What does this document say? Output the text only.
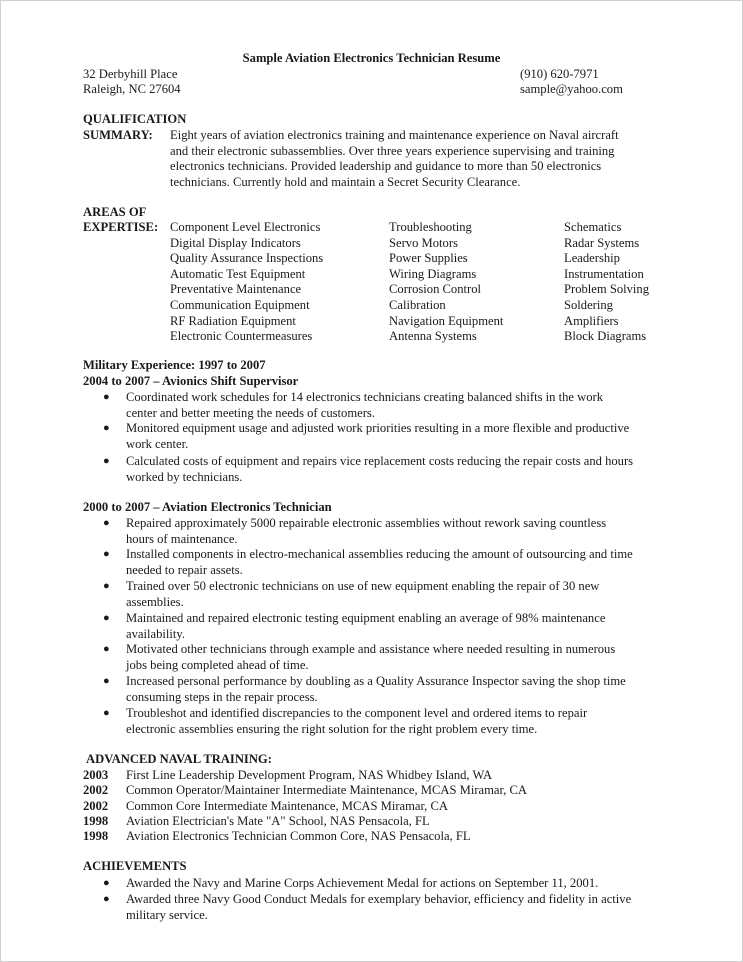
Sample Aviation Electronics Technician Resume
32 Derbyhill Place
Raleigh, NC 27604
(910) 620-7971
sample@yahoo.com
QUALIFICATION
SUMMARY: Eight years of aviation electronics training and maintenance experience on Naval aircraft
and their electronic subassemblies. Over three years experience supervising and training
electronics technicians. Provided leadership and guidance to more than 50 electronics
technicians. Currently hold and maintain a Secret Security Clearance.
AREAS OF
EXPERTISE: Component Level Electronics
Digital Display Indicators
Quality Assurance Inspections
Automatic Test Equipment
Preventative Maintenance
Communication Equipment
RF Radiation Equipment
Electronic Countermeasures
Troubleshooting
Servo Motors
Power Supplies
Wiring Diagrams
Corrosion Control
Calibration
Navigation Equipment
Antenna Systems
Schematics
Radar Systems
Leadership
Instrumentation
Problem Solving
Soldering
Amplifiers
Block Diagrams
Military Experience: 1997 to 2007
2004 to 2007 – Avionics Shift Supervisor
● Coordinated work schedules for 14 electronics technicians creating balanced shifts in the work
center and better meeting the needs of customers.
● Monitored equipment usage and adjusted work priorities resulting in a more flexible and productive
work center.
● Calculated costs of equipment and repairs vice replacement costs reducing the repair costs and hours
worked by technicians.
2000 to 2007 – Aviation Electronics Technician
● Repaired approximately 5000 repairable electronic assemblies without rework saving countless
hours of maintenance.
● Installed components in electro-mechanical assemblies reducing the amount of outsourcing and time
needed to repair assets.
● Trained over 50 electronic technicians on use of new equipment enabling the repair of 30 new
assemblies.
● Maintained and repaired electronic testing equipment enabling an average of 98% maintenance
availability.
● Motivated other technicians through example and assistance where needed resulting in numerous
jobs being completed ahead of time.
● Increased personal performance by doubling as a Quality Assurance Inspector saving the shop time
consuming steps in the repair process.
● Troubleshot and identified discrepancies to the component level and ordered items to repair
electronic assemblies ensuring the right solution for the right problem every time.
ADVANCED NAVAL TRAINING:
2003 First Line Leadership Development Program, NAS Whidbey Island, WA
2002 Common Operator/Maintainer Intermediate Maintenance, MCAS Miramar, CA
2002 Common Core Intermediate Maintenance, MCAS Miramar, CA
1998 Aviation Electrician's Mate "A" School, NAS Pensacola, FL
1998 Aviation Electronics Technician Common Core, NAS Pensacola, FL
ACHIEVEMENTS
● Awarded the Navy and Marine Corps Achievement Medal for actions on September 11, 2001.
● Awarded three Navy Good Conduct Medals for exemplary behavior, efficiency and fidelity in active
military service.
